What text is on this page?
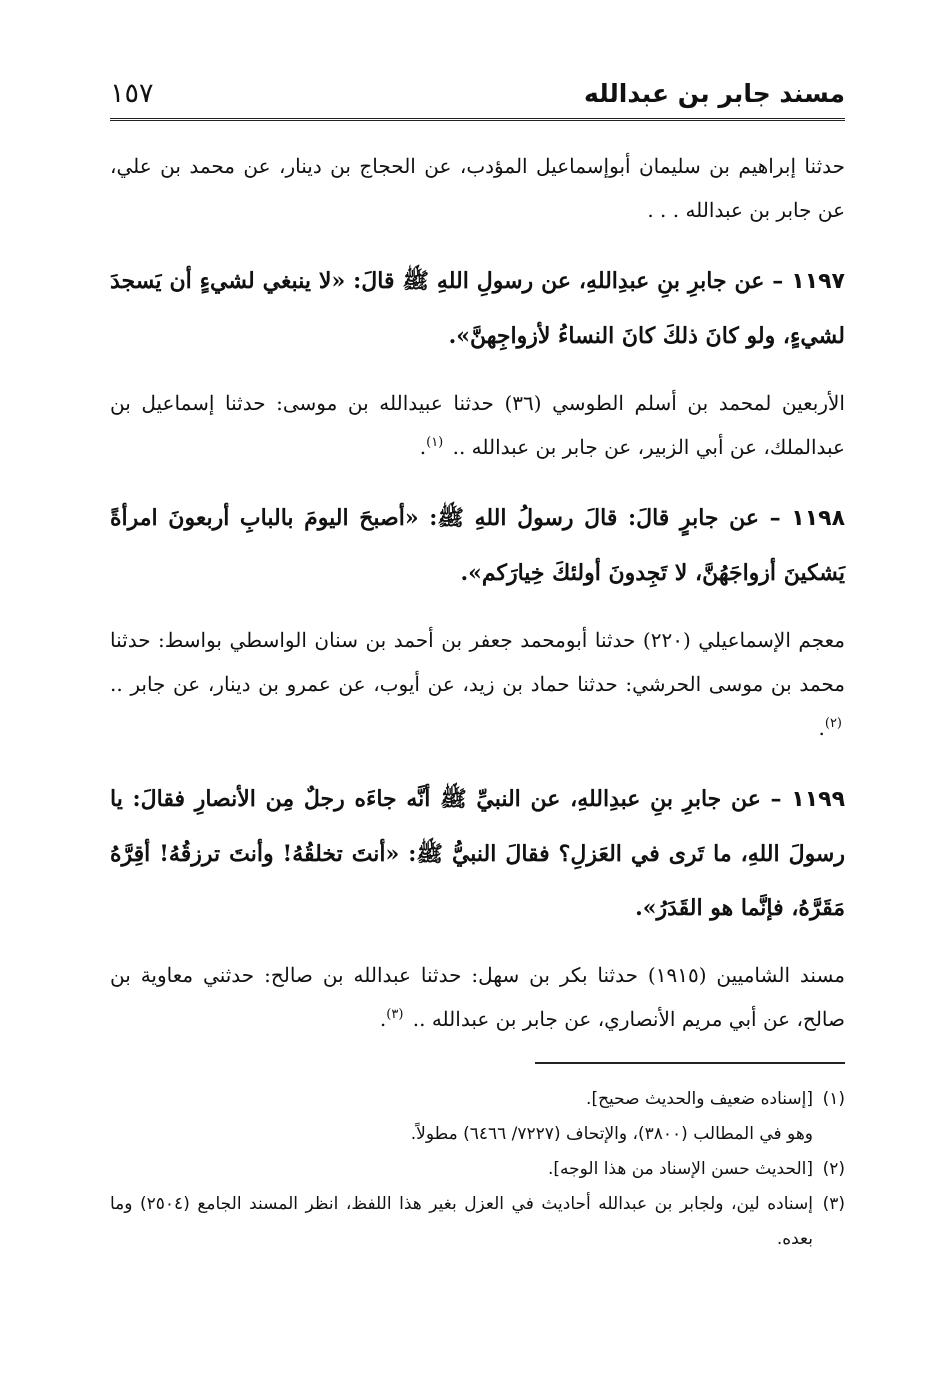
مسند جابر بن عبدالله
١٥٧

حدثنا إبراهيم بن سليمان أبوإسماعيل المؤدب، عن الحجاج بن دينار، عن محمد بن علي، عن جابر بن عبدالله . . .

١١٩٧ – عن جابرِ بنِ عبدِاللهِ، عن رسولِ اللهِ ﷺ قالَ: «لا ينبغي لشيءٍ أن يَسجدَ لشيءٍ، ولو كانَ ذلكَ كانَ النساءُ لأزواجِهنَّ».

الأربعين لمحمد بن أسلم الطوسي (٣٦) حدثنا عبيدالله بن موسى: حدثنا إسماعيل بن عبدالملك، عن أبي الزبير، عن جابر بن عبدالله .. $^{(١)}$.

١١٩٨ – عن جابرٍ قالَ: قالَ رسولُ اللهِ ﷺ: «أصبحَ اليومَ بالبابِ أربعونَ امرأةً يَشكينَ أزواجَهُنَّ، لا تَجِدونَ أولئكَ خِيارَكم».

معجم الإسماعيلي (٢٢٠) حدثنا أبومحمد جعفر بن أحمد بن سنان الواسطي بواسط: حدثنا محمد بن موسى الحرشي: حدثنا حماد بن زيد، عن أيوب، عن عمرو بن دينار، عن جابر .. $^{(٢)}$.

١١٩٩ – عن جابرِ بنِ عبدِاللهِ، عن النبيِّ ﷺ أنَّه جاءَه رجلٌ مِن الأنصارِ فقالَ: يا رسولَ اللهِ، ما تَرى في العَزلِ؟ فقالَ النبيُّ ﷺ: «أنتَ تخلقُهُ! وأنتَ ترزقُهُ! أقِرَّهُ مَقَرَّهُ، فإنَّما هو القَدَرُ».

مسند الشاميين (١٩١٥) حدثنا بكر بن سهل: حدثنا عبدالله بن صالح: حدثني معاوية بن صالح، عن أبي مريم الأنصاري، عن جابر بن عبدالله .. $^{(٣)}$.

(١)
[إسناده ضعيف والحديث صحيح].
وهو في المطالب (٣٨٠٠)، والإتحاف (٧٢٢٧/ ٦٤٦٦) مطولاً.
(٢)
[الحديث حسن الإسناد من هذا الوجه].
(٣)
إسناده لين، ولجابر بن عبدالله أحاديث في العزل بغير هذا اللفظ، انظر المسند الجامع (٢٥٠٤) وما بعده.
